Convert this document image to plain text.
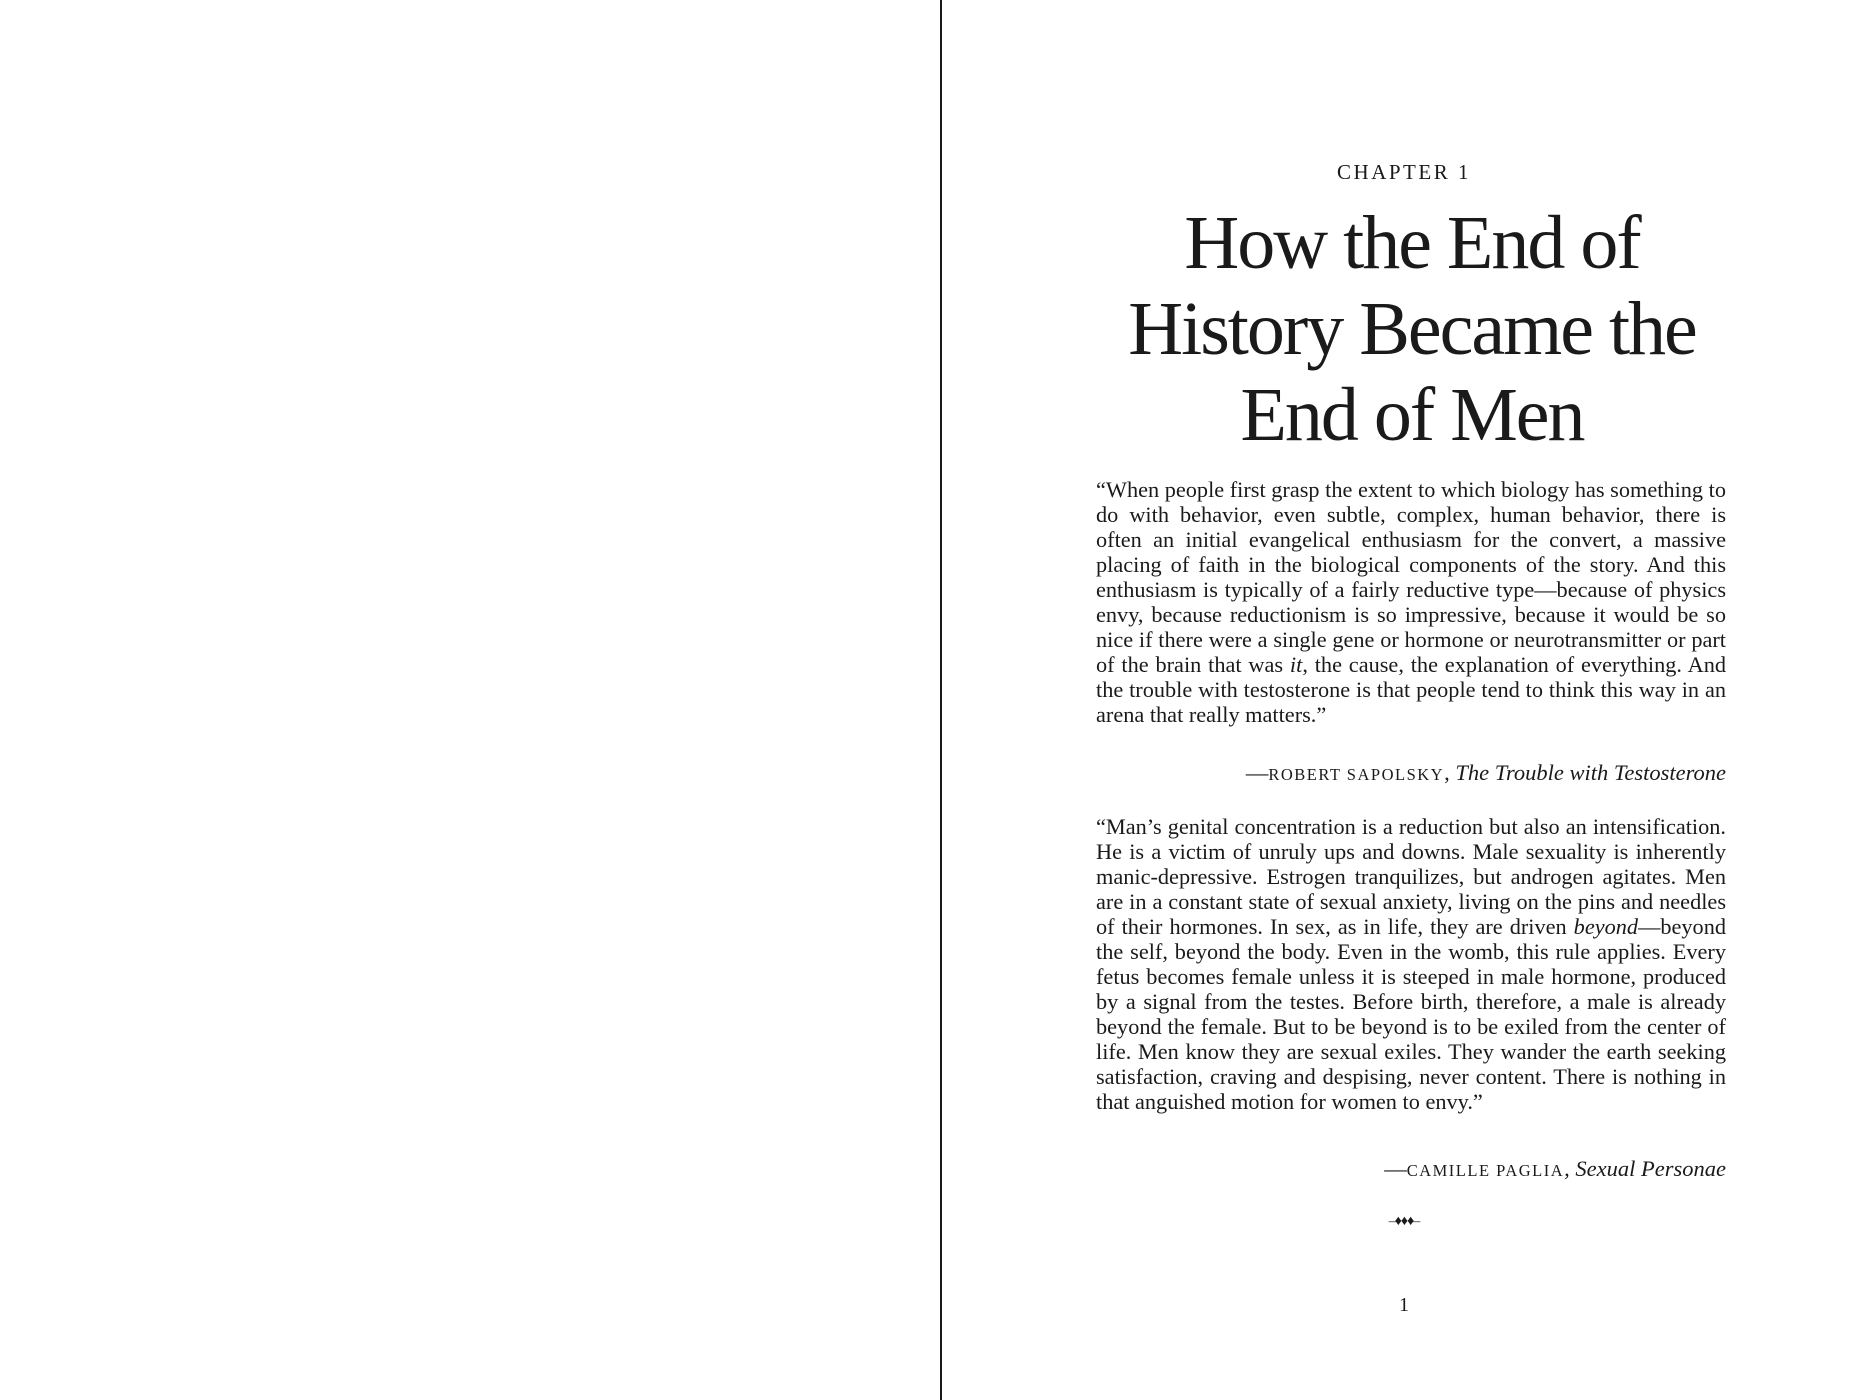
CHAPTER 1
How the End of
History Became the
End of Men

“When people first grasp the extent to which biology has something to do with behavior, even subtle, complex, human behavior, there is often an initial evangelical enthusiasm for the convert, a massive placing of faith in the biological components of the story. And this enthusiasm is typically of a fairly reductive type—because of physics envy, because reductionism is so impressive, because it would be so nice if there were a single gene or hormone or neurotransmitter or part of the brain that was it, the cause, the explanation of everything. And the trouble with testosterone is that people tend to think this way in an arena that really matters.”

—ROBERT SAPOLSKY, The Trouble with Testosterone

“Man’s genital concentration is a reduction but also an intensification. He is a victim of unruly ups and downs. Male sexuality is inherently manic-depressive. Estrogen tranquilizes, but androgen agitates. Men are in a constant state of sexual anxiety, living on the pins and needles of their hormones. In sex, as in life, they are driven beyond—beyond the self, beyond the body. Even in the womb, this rule applies. Every fetus becomes female unless it is steeped in male hormone, produced by a signal from the testes. Before birth, therefore, a male is already beyond the female. But to be beyond is to be exiled from the center of life. Men know they are sexual exiles. They wander the earth seeking satisfaction, craving and despising, never content. There is nothing in that anguished motion for women to envy.”

—CAMILLE PAGLIA, Sexual Personae
–♦♦♦–
1
